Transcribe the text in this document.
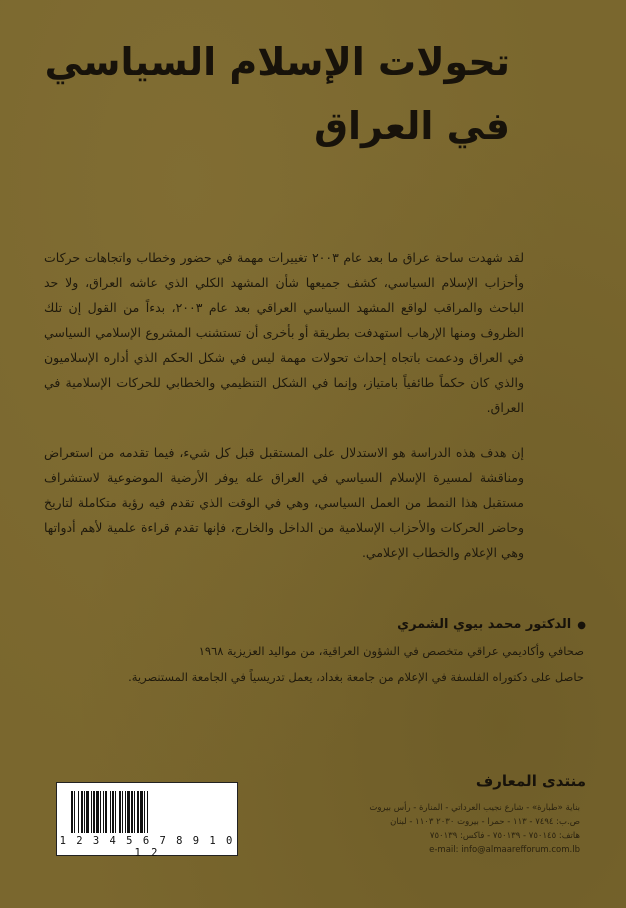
تحولات الإسلام السياسي
في العراق
لقد شهدت ساحة عراق ما بعد عام ٢٠٠٣ تغييرات مهمة في حضور وخطاب واتجاهات حركات وأحزاب الإسلام السياسي، كشف جميعها شأن المشهد الكلي الذي عاشه العراق، ولا حد الباحث والمراقب لواقع المشهد السياسي العراقي بعد عام ٢٠٠٣، بدءاً من القول إن تلك الظروف ومنها الإرهاب استهدفت بطريقة أو بأخرى أن تستشنب المشروع الإسلامي السياسي في العراق ودعمت باتجاه إحداث تحولات مهمة ليس في شكل الحكم الذي أداره الإسلاميون والذي كان حكماً طائفياً بامتياز، وإنما في الشكل التنظيمي والخطابي للحركات الإسلامية في العراق.
إن هدف هذه الدراسة هو الاستدلال على المستقبل قبل كل شيء، فيما تقدمه من استعراض ومناقشة لمسيرة الإسلام السياسي في العراق عله يوفر الأرضية الموضوعية لاستشراف مستقبل هذا النمط من العمل السياسي، وهي في الوقت الذي تقدم فيه رؤية متكاملة لتاريخ وحاضر الحركات والأحزاب الإسلامية من الداخل والخارج، فإنها تقدم قراءة علمية لأهم أدواتها وهي الإعلام والخطاب الإعلامي.
●الدكتور محمد بيوي الشمري
صحافي وأكاديمي عراقي متخصص في الشؤون العراقية، من مواليد العزيزية ١٩٦٨
حاصل على دكتوراه الفلسفة في الإعلام من جامعة بغداد، يعمل تدريسياً في الجامعة المستنصرية.
منتدى المعارف
بناية «طبارة» - شارع نجيب العرداتي - المنارة - رأس بيروت
ص.ب: ٧٤٩٤ - ١١٣ - حمرا - بيروت ٢٠٣٠ ١١٠٣ - لبنان
هاتف: ٧٥٠١٤٥ - ٧٥٠١٣٩ - فاكس: ٧٥٠١٣٩
e-mail: info@almaarefforum.com.lb
1 2 3 4 5 6 7 8 9 1 0 1 2
